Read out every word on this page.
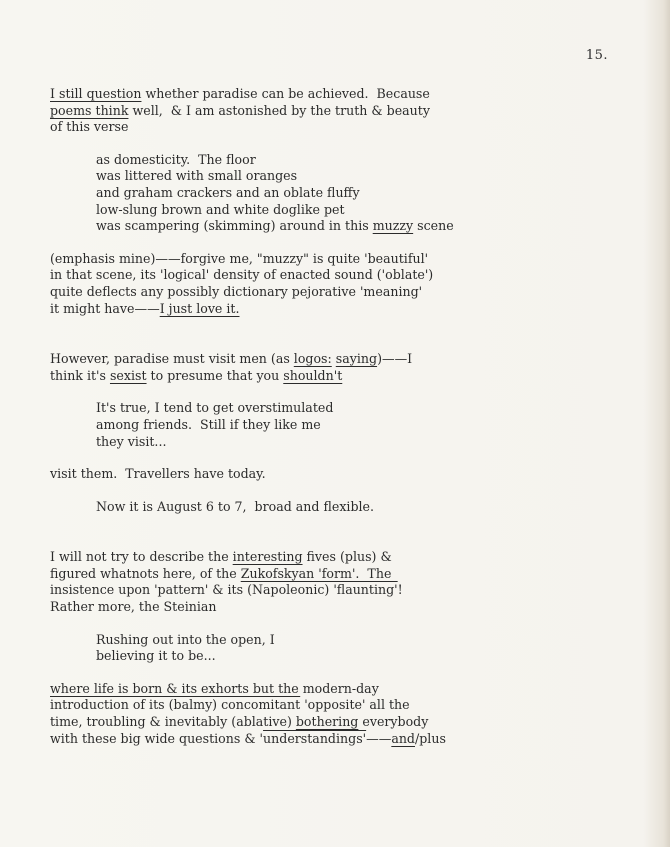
15.

I still question whether paradise can be achieved.  Because

poems think well,  & I am astonished by the truth & beauty

of this verse

as domesticity.  The floor

was littered with small oranges

and graham crackers and an oblate fluffy

low-slung brown and white doglike pet

was scampering (skimming) around in this muzzy scene

(emphasis mine)——forgive me, "muzzy" is quite 'beautiful'

in that scene, its 'logical' density of enacted sound ('oblate')

quite deflects any possibly dictionary pejorative 'meaning'

it might have——I just love it.

However, paradise must visit men (as logos: saying)——I

think it's sexist to presume that you shouldn't

It's true, I tend to get overstimulated

among friends.  Still if they like me

they visit...

visit them.  Travellers have today.

Now it is August 6 to 7,  broad and flexible.

I will not try to describe the interesting fives (plus) &

figured whatnots here, of the Zukofskyan 'form'.  The

insistence upon 'pattern' & its (Napoleonic) 'flaunting'!

Rather more, the Steinian

Rushing out into the open, I

believing it to be...

where life is born & its exhorts but the modern-day

introduction of its (balmy) concomitant 'opposite' all the

time, troubling & inevitably (ablative) bothering everybody

with these big wide questions & 'understandings'——and/plus
